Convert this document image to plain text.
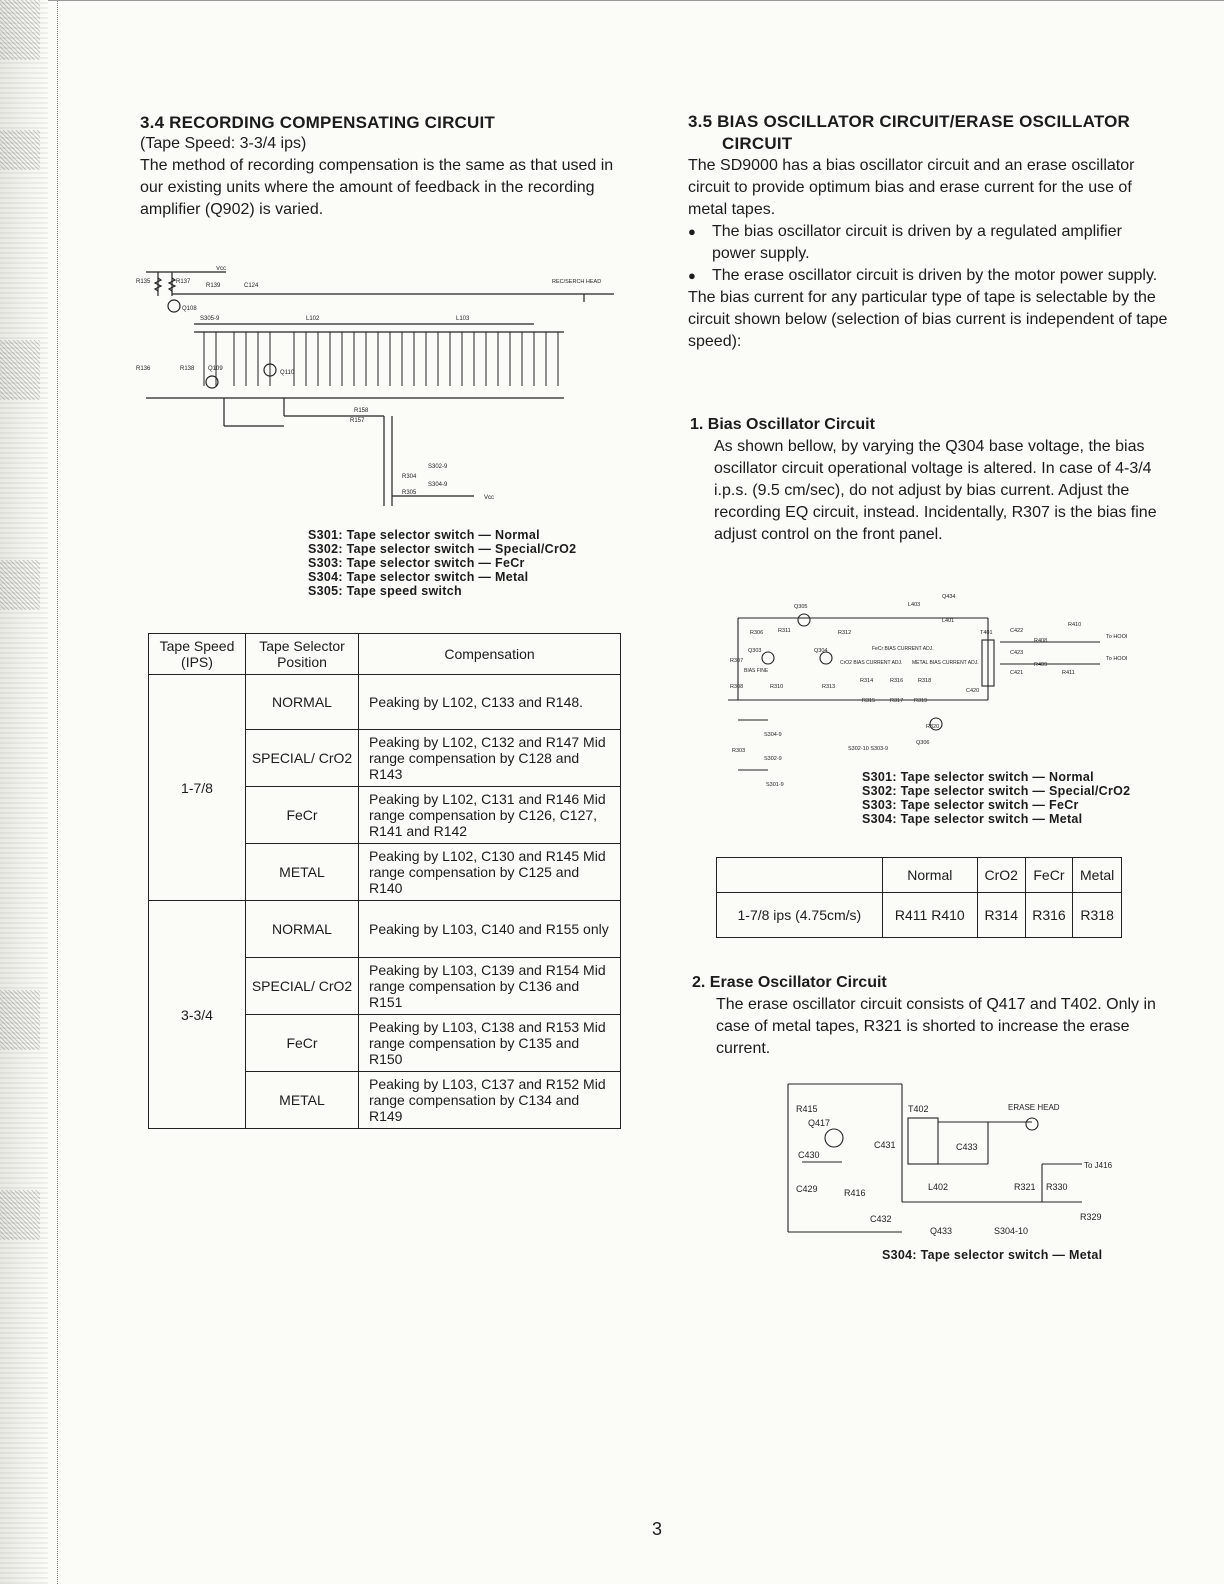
3.4 RECORDING COMPENSATING CIRCUIT
(Tape Speed: 3-3/4 ips)

The method of recording compensation is the same as that used in our existing units where the amount of feedback in the recording amplifier (Q902) is varied.

Vcc
R135	R137
R139	C124
REC/SERCH HEAD
Q108
S305-9	L102	L103
R136	R138 Q109
Q110
R158
R157
S302-9
R304
S304-9
R305
Vcc
S301: Tape selector switch — Normal
S302: Tape selector switch — Special/CrO2
S303: Tape selector switch — FeCr
S304: Tape selector switch — Metal
S305: Tape speed switch
Tape Speed (IPS)	Tape Selector Position	Compensation
1-7/8	NORMAL	Peaking by L102, C133 and R148.
	SPECIAL/ CrO2	Peaking by L102, C132 and R147 Mid range compensation by C128 and R143
	FeCr	Peaking by L102, C131 and R146 Mid range compensation by C126, C127, R141 and R142
	METAL	Peaking by L102, C130 and R145 Mid range compensation by C125 and R140
3-3/4	NORMAL	Peaking by L103, C140 and R155 only
	SPECIAL/ CrO2	Peaking by L103, C139 and R154 Mid range compensation by C136 and R151
	FeCr	Peaking by L103, C138 and R153 Mid range compensation by C135 and R150
	METAL	Peaking by L103, C137 and R152 Mid range compensation by C134 and R149
3.5 BIAS OSCILLATOR CIRCUIT/ERASE OSCILLATOR
CIRCUIT

The SD9000 has a bias oscillator circuit and an erase oscillator circuit to provide optimum bias and erase current for the use of metal tapes.

●	The bias oscillator circuit is driven by a regulated amplifier power supply.
●	The erase oscillator circuit is driven by the motor power supply.

The bias current for any particular type of tape is selectable by the circuit shown below (selection of bias current is independent of tape speed):

1. Bias Oscillator Circuit

As shown bellow, by varying the Q304 base voltage, the bias oscillator circuit operational voltage is altered. In case of 4-3/4 i.p.s. (9.5 cm/sec), do not adjust by bias current. Adjust the recording EQ circuit, instead. Incidentally, R307 is the bias fine adjust control on the front panel.

Q305	L403
Q434
L401
T401	C422
R408
R410
To HOOI
C423
R409
To HOOI
C421	R411
C420
R306	R311	R312
Q303	Q304
R307
BIAS FINE
R308	R310	R313
FeCr BIAS CURRENT ADJ.
CrO2 BIAS CURRENT ADJ. METAL BIAS CURRENT ADJ.
R314	R316	R318
R315	R317 R319
R320
Q306
S304-9
R303
S302-9
S301-9
S302-10 S303-9
S301: Tape selector switch — Normal
S302: Tape selector switch — Special/CrO2
S303: Tape selector switch — FeCr
S304: Tape selector switch — Metal
	Normal	CrO2	FeCr	Metal
1-7/8 ips (4.75cm/s)	R411 R410	R314	R316	R318
2. Erase Oscillator Circuit

The erase oscillator circuit consists of Q417 and T402. Only in case of metal tapes, R321 is shorted to increase the erase current.

R415
Q417
T402	ERASE HEAD
C431	C433
C430
To J416
C429	R416
L402	R321 R330
C432
Q433	S304-10
R329
S304: Tape selector switch — Metal
3
